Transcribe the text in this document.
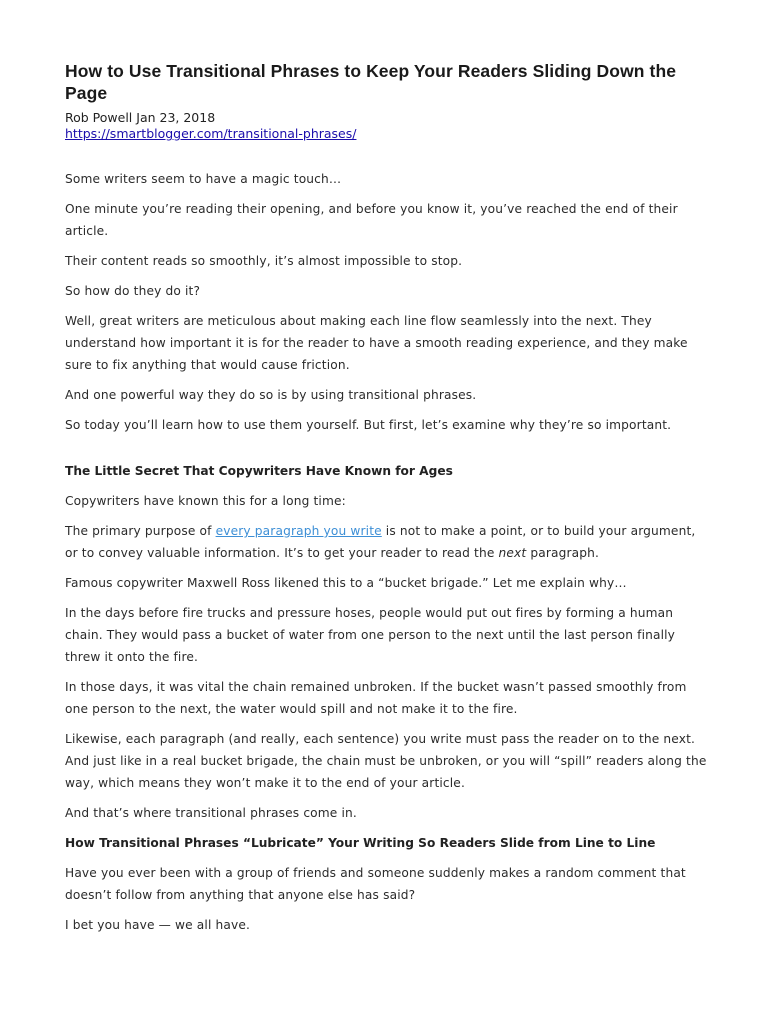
How to Use Transitional Phrases to Keep Your Readers Sliding Down the Page
Rob Powell Jan 23, 2018
https://smartblogger.com/transitional-phrases/

Some writers seem to have a magic touch…

One minute you’re reading their opening, and before you know it, you’ve reached the end of their article.

Their content reads so smoothly, it’s almost impossible to stop.

So how do they do it?

Well, great writers are meticulous about making each line flow seamlessly into the next. They understand how important it is for the reader to have a smooth reading experience, and they make sure to fix anything that would cause friction.

And one powerful way they do so is by using transitional phrases.

So today you’ll learn how to use them yourself. But first, let’s examine why they’re so important.

The Little Secret That Copywriters Have Known for Ages

Copywriters have known this for a long time:

The primary purpose of every paragraph you write is not to make a point, or to build your argument, or to convey valuable information. It’s to get your reader to read the next paragraph.

Famous copywriter Maxwell Ross likened this to a “bucket brigade.” Let me explain why…

In the days before fire trucks and pressure hoses, people would put out fires by forming a human chain. They would pass a bucket of water from one person to the next until the last person finally threw it onto the fire.

In those days, it was vital the chain remained unbroken. If the bucket wasn’t passed smoothly from one person to the next, the water would spill and not make it to the fire.

Likewise, each paragraph (and really, each sentence) you write must pass the reader on to the next. And just like in a real bucket brigade, the chain must be unbroken, or you will “spill” readers along the way, which means they won’t make it to the end of your article.

And that’s where transitional phrases come in.

How Transitional Phrases “Lubricate” Your Writing So Readers Slide from Line to Line

Have you ever been with a group of friends and someone suddenly makes a random comment that doesn’t follow from anything that anyone else has said?

I bet you have — we all have.
